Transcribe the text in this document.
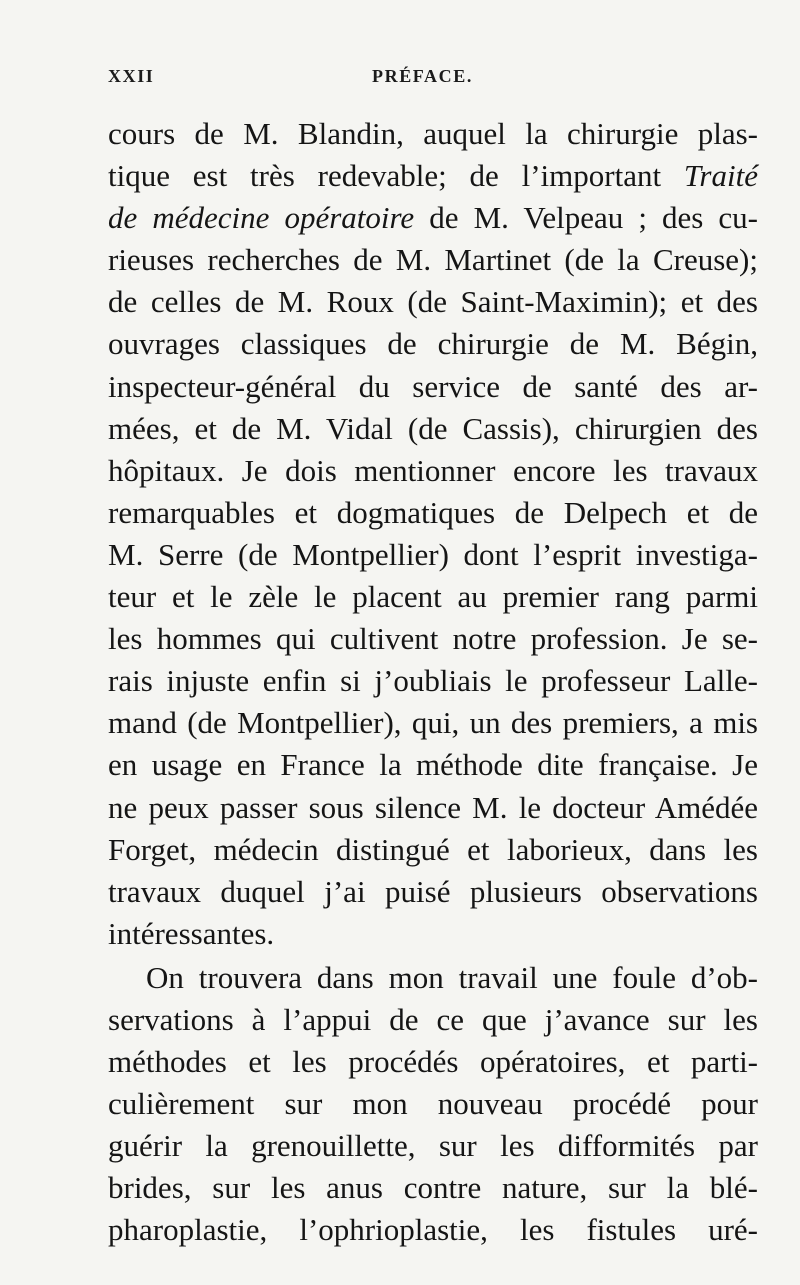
XXII	PRÉFACE.
cours de M. Blandin, auquel la chirurgie plas-
tique est très redevable; de l’important Traité
de médecine opératoire de M. Velpeau ; des cu-
rieuses recherches de M. Martinet (de la Creuse);
de celles de M. Roux (de Saint-Maximin); et des
ouvrages classiques de chirurgie de M. Bégin,
inspecteur-général du service de santé des ar-
mées, et de M. Vidal (de Cassis), chirurgien des
hôpitaux. Je dois mentionner encore les travaux
remarquables et dogmatiques de Delpech et de
M. Serre (de Montpellier) dont l’esprit investiga-
teur et le zèle le placent au premier rang parmi
les hommes qui cultivent notre profession. Je se-
rais injuste enfin si j’oubliais le professeur Lalle-
mand (de Montpellier), qui, un des premiers, a mis
en usage en France la méthode dite française. Je
ne peux passer sous silence M. le docteur Amédée
Forget, médecin distingué et laborieux, dans les
travaux duquel j’ai puisé plusieurs observations
intéressantes.
On trouvera dans mon travail une foule d’ob-
servations à l’appui de ce que j’avance sur les
méthodes et les procédés opératoires, et parti-
culièrement sur mon nouveau procédé pour
guérir la grenouillette, sur les difformités par
brides, sur les anus contre nature, sur la blé-
pharoplastie, l’ophrioplastie, les fistules uré-
